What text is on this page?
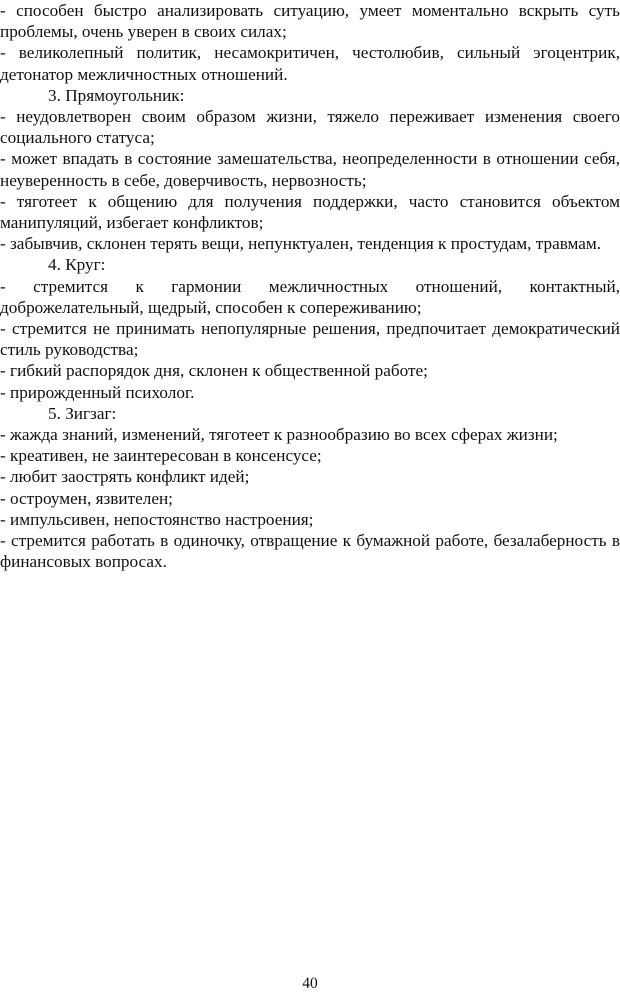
- способен быстро анализировать ситуацию, умеет моментально вскрыть суть проблемы, очень уверен в своих силах;

- великолепный политик, несамокритичен, честолюбив, сильный эгоцентрик, детонатор межличностных отношений.

3. Прямоугольник:

- неудовлетворен своим образом жизни, тяжело переживает изменения своего социального статуса;

- может впадать в состояние замешательства, неопределенности в отношении себя, неуверенность в себе, доверчивость, нервозность;

- тяготеет к общению для получения поддержки, часто становится объектом манипуляций, избегает конфликтов;

- забывчив, склонен терять вещи, непунктуален, тенденция к простудам, травмам.

4. Круг:

- стремится к гармонии межличностных отношений, контактный, доброжелательный, щедрый, способен к сопереживанию;

- стремится не принимать непопулярные решения, предпочитает демократический стиль руководства;

- гибкий распорядок дня, склонен к общественной работе;

- прирожденный психолог.

5. Зигзаг:

- жажда знаний, изменений, тяготеет к разнообразию во всех сферах жизни;

- креативен, не заинтересован в консенсусе;

- любит заострять конфликт идей;

- остроумен, язвителен;

- импульсивен, непостоянство настроения;

- стремится работать в одиночку, отвращение к бумажной работе, безалаберность в финансовых вопросах.

40
